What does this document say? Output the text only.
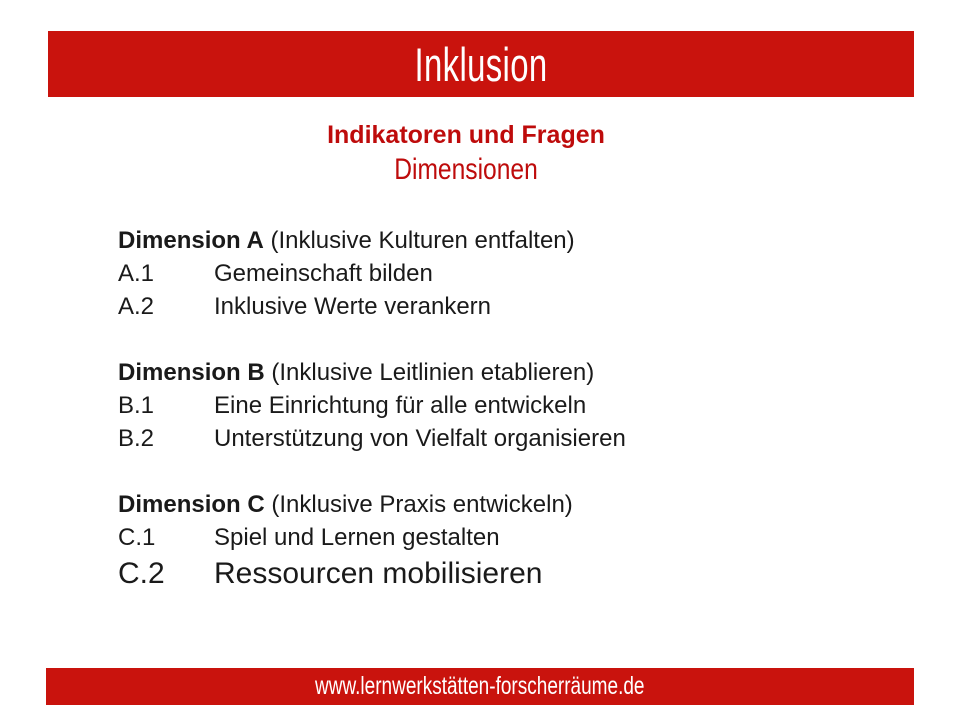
Inklusion
Indikatoren und Fragen
Dimensionen
Dimension A (Inklusive Kulturen entfalten)
A.1	Gemeinschaft bilden
A.2	Inklusive Werte verankern
Dimension B (Inklusive Leitlinien etablieren)
B.1	Eine Einrichtung für alle entwickeln
B.2	Unterstützung von Vielfalt organisieren
Dimension C (Inklusive Praxis entwickeln)
C.1	Spiel und Lernen gestalten
C.2	Ressourcen mobilisieren
www.lernwerkstätten-forscherräume.de
